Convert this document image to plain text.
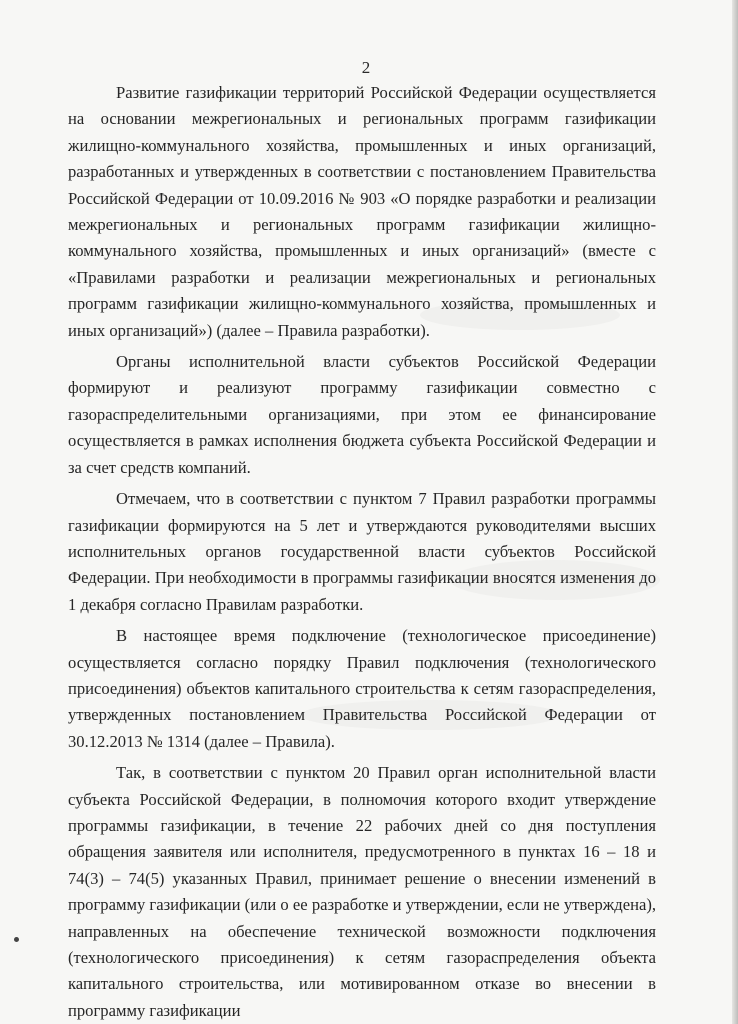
2

Развитие газификации территорий Российской Федерации осуществляется на основании межрегиональных и региональных программ газификации жилищно-коммунального хозяйства, промышленных и иных организаций, разработанных и утвержденных в соответствии с постановлением Правительства Российской Федерации от 10.09.2016 № 903 «О порядке разработки и реализации межрегиональных и региональных программ газификации жилищно-коммунального хозяйства, промышленных и иных организаций» (вместе с «Правилами разработки и реализации межрегиональных и региональных программ газификации жилищно-коммунального хозяйства, промышленных и иных организаций») (далее – Правила разработки).

Органы исполнительной власти субъектов Российской Федерации формируют и реализуют программу газификации совместно с газораспределительными организациями, при этом ее финансирование осуществляется в рамках исполнения бюджета субъекта Российской Федерации и за счет средств компаний.

Отмечаем, что в соответствии с пунктом 7 Правил разработки программы газификации формируются на 5 лет и утверждаются руководителями высших исполнительных органов государственной власти субъектов Российской Федерации. При необходимости в программы газификации вносятся изменения до 1 декабря согласно Правилам разработки.

В настоящее время подключение (технологическое присоединение) осуществляется согласно порядку Правил подключения (технологического присоединения) объектов капитального строительства к сетям газораспределения, утвержденных постановлением Правительства Российской Федерации от 30.12.2013 № 1314 (далее – Правила).

Так, в соответствии с пунктом 20 Правил орган исполнительной власти субъекта Российской Федерации, в полномочия которого входит утверждение программы газификации, в течение 22 рабочих дней со дня поступления обращения заявителя или исполнителя, предусмотренного в пунктах 16 – 18 и 74(3) – 74(5) указанных Правил, принимает решение о внесении изменений в программу газификации (или о ее разработке и утверждении, если не утверждена), направленных на обеспечение технической возможности подключения (технологического присоединения) к сетям газораспределения объекта капитального строительства, или мотивированном отказе во внесении в программу газификации
